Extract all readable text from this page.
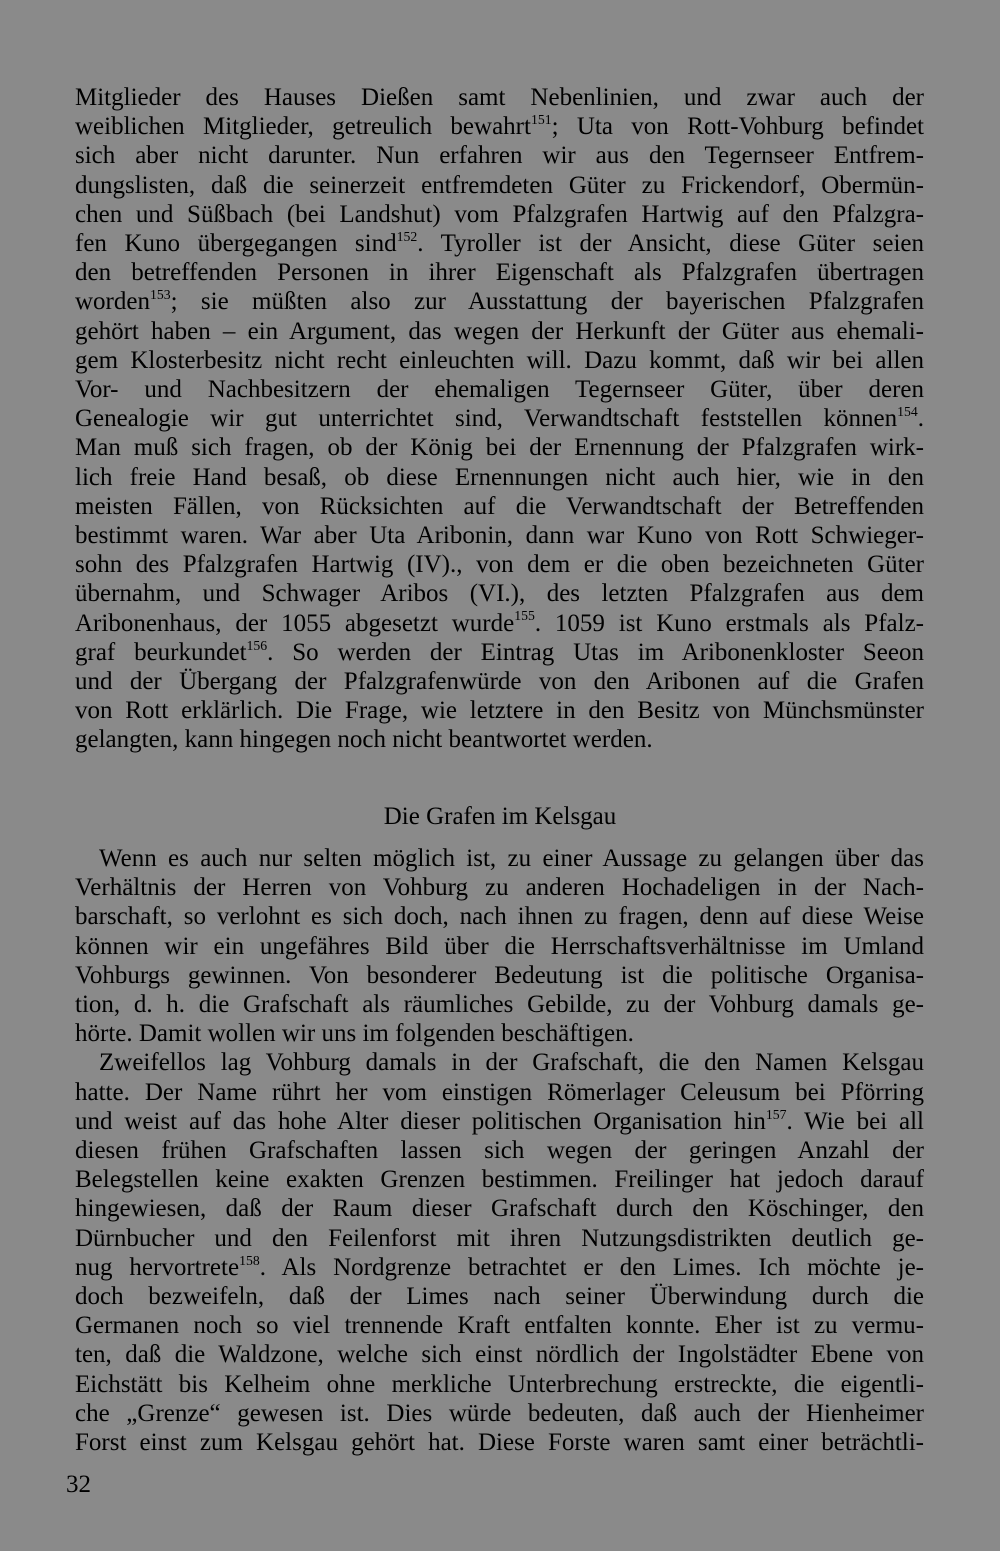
Mitglieder des Hauses Dießen samt Nebenlinien, und zwar auch der
weiblichen Mitglieder, getreulich bewahrt$^{151}$; Uta von Rott-Vohburg befindet
sich aber nicht darunter. Nun erfahren wir aus den Tegernseer Entfrem-
dungslisten, daß die seinerzeit entfremdeten Güter zu Frickendorf, Obermün-
chen und Süßbach (bei Landshut) vom Pfalzgrafen Hartwig auf den Pfalzgra-
fen Kuno übergegangen sind$^{152}$. Tyroller ist der Ansicht, diese Güter seien
den betreffenden Personen in ihrer Eigenschaft als Pfalzgrafen übertragen
worden$^{153}$; sie müßten also zur Ausstattung der bayerischen Pfalzgrafen
gehört haben – ein Argument, das wegen der Herkunft der Güter aus ehemali-
gem Klosterbesitz nicht recht einleuchten will. Dazu kommt, daß wir bei allen
Vor- und Nachbesitzern der ehemaligen Tegernseer Güter, über deren
Genealogie wir gut unterrichtet sind, Verwandtschaft feststellen können$^{154}$.
Man muß sich fragen, ob der König bei der Ernennung der Pfalzgrafen wirk-
lich freie Hand besaß, ob diese Ernennungen nicht auch hier, wie in den
meisten Fällen, von Rücksichten auf die Verwandtschaft der Betreffenden
bestimmt waren. War aber Uta Aribonin, dann war Kuno von Rott Schwieger-
sohn des Pfalzgrafen Hartwig (IV)., von dem er die oben bezeichneten Güter
übernahm, und Schwager Aribos (VI.), des letzten Pfalzgrafen aus dem
Aribonenhaus, der 1055 abgesetzt wurde$^{155}$. 1059 ist Kuno erstmals als Pfalz-
graf beurkundet$^{156}$. So werden der Eintrag Utas im Aribonenkloster Seeon
und der Übergang der Pfalzgrafenwürde von den Aribonen auf die Grafen
von Rott erklärlich. Die Frage, wie letztere in den Besitz von Münchsmünster
gelangten, kann hingegen noch nicht beantwortet werden.
Die Grafen im Kelsgau
Wenn es auch nur selten möglich ist, zu einer Aussage zu gelangen über das
Verhältnis der Herren von Vohburg zu anderen Hochadeligen in der Nach-
barschaft, so verlohnt es sich doch, nach ihnen zu fragen, denn auf diese Weise
können wir ein ungefähres Bild über die Herrschaftsverhältnisse im Umland
Vohburgs gewinnen. Von besonderer Bedeutung ist die politische Organisa-
tion, d. h. die Grafschaft als räumliches Gebilde, zu der Vohburg damals ge-
hörte. Damit wollen wir uns im folgenden beschäftigen.
Zweifellos lag Vohburg damals in der Grafschaft, die den Namen Kelsgau
hatte. Der Name rührt her vom einstigen Römerlager Celeusum bei Pförring
und weist auf das hohe Alter dieser politischen Organisation hin$^{157}$. Wie bei all
diesen frühen Grafschaften lassen sich wegen der geringen Anzahl der
Belegstellen keine exakten Grenzen bestimmen. Freilinger hat jedoch darauf
hingewiesen, daß der Raum dieser Grafschaft durch den Köschinger, den
Dürnbucher und den Feilenforst mit ihren Nutzungsdistrikten deutlich ge-
nug hervortrete$^{158}$. Als Nordgrenze betrachtet er den Limes. Ich möchte je-
doch bezweifeln, daß der Limes nach seiner Überwindung durch die
Germanen noch so viel trennende Kraft entfalten konnte. Eher ist zu vermu-
ten, daß die Waldzone, welche sich einst nördlich der Ingolstädter Ebene von
Eichstätt bis Kelheim ohne merkliche Unterbrechung erstreckte, die eigentli-
che „Grenze“ gewesen ist. Dies würde bedeuten, daß auch der Hienheimer
Forst einst zum Kelsgau gehört hat. Diese Forste waren samt einer beträchtli-
32
